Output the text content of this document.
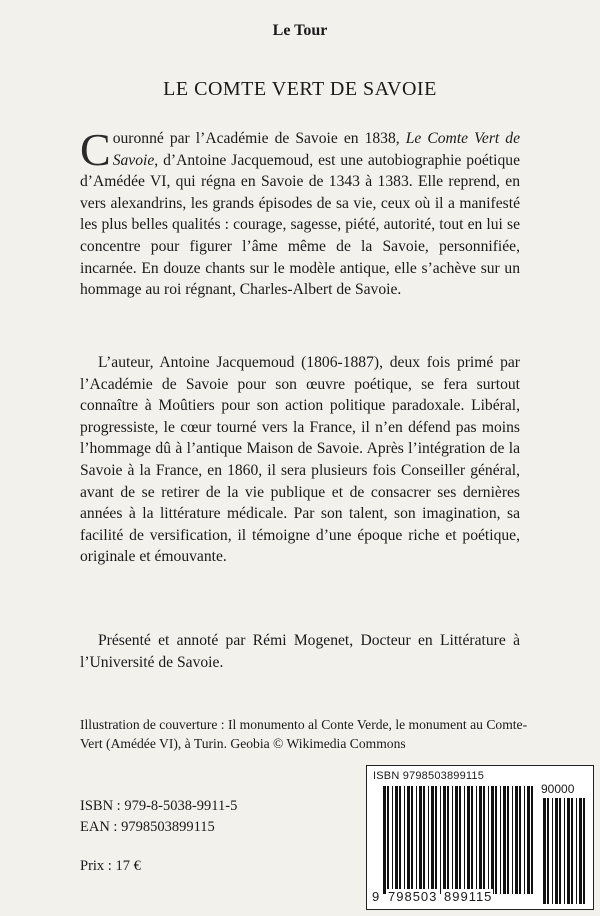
Le Tour
LE COMTE VERT DE SAVOIE
Couronné par l’Académie de Savoie en 1838, Le Comte Vert de Savoie, d’Antoine Jacquemoud, est une autobiographie poétique d’Amédée VI, qui régna en Savoie de 1343 à 1383. Elle reprend, en vers alexandrins, les grands épisodes de sa vie, ceux où il a manifesté les plus belles qualités : courage, sagesse, piété, autorité, tout en lui se concentre pour figurer l’âme même de la Savoie, personnifiée, incarnée. En douze chants sur le modèle antique, elle s’achève sur un hommage au roi régnant, Charles-Albert de Savoie.
L’auteur, Antoine Jacquemoud (1806-1887), deux fois primé par l’Académie de Savoie pour son œuvre poétique, se fera surtout connaître à Moûtiers pour son action politique paradoxale. Libéral, progressiste, le cœur tourné vers la France, il n’en défend pas moins l’hommage dû à l’antique Maison de Savoie. Après l’intégration de la Savoie à la France, en 1860, il sera plusieurs fois Conseiller général, avant de se retirer de la vie publique et de consacrer ses dernières années à la littérature médicale. Par son talent, son imagination, sa facilité de versification, il témoigne d’une époque riche et poétique, originale et émouvante.
Présenté et annoté par Rémi Mogenet, Docteur en Littérature à l’Université de Savoie.
Illustration de couverture : Il monumento al Conte Verde, le monument au Comte-Vert (Amédée VI), à Turin. Geobia © Wikimedia Commons
ISBN : 979-8-5038-9911-5
EAN : 9798503899115
Prix : 17 €
ISBN 9798503899115
90000
9 798503 899115
